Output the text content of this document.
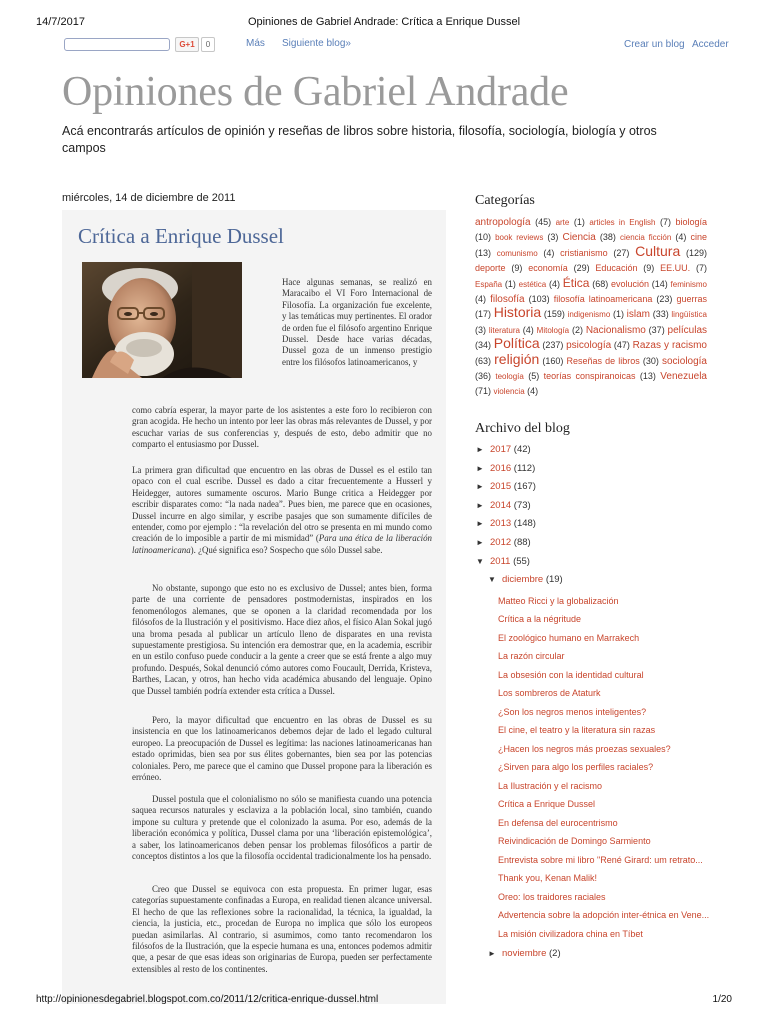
14/7/2017	Opiniones de Gabriel Andrade: Crítica a Enrique Dussel
G+1	0	Más Siguiente blog»	Crear un blog Acceder
Opiniones de Gabriel Andrade
Acá encontrarás artículos de opinión y reseñas de libros sobre historia, filosofía, sociología, biología y otros campos
miércoles, 14 de diciembre de 2011
Crítica a Enrique Dussel

Hace algunas semanas, se realizó en Maracaibo el VI Foro Internacional de Filosofía. La organización fue excelente, y las temáticas muy pertinentes. El orador de orden fue el filósofo argentino Enrique Dussel. Desde hace varias décadas, Dussel goza de un inmenso prestigio entre los filósofos latinoamericanos, y

como cabría esperar, la mayor parte de los asistentes a este foro lo recibieron con gran acogida. He hecho un intento por leer las obras más relevantes de Dussel, y por escuchar varias de sus conferencias y, después de esto, debo admitir que no comparto el entusiasmo por Dussel.

La primera gran dificultad que encuentro en las obras de Dussel es el estilo tan opaco con el cual escribe. Dussel es dado a citar frecuentemente a Husserl y Heidegger, autores sumamente oscuros. Mario Bunge critica a Heidegger por escribir disparates como: “la nada nadea”. Pues bien, me parece que en ocasiones, Dussel incurre en algo similar, y escribe pasajes que son sumamente difíciles de entender, como por ejemplo : “la revelación del otro se presenta en mi mundo como creación de lo imposible a partir de mi mismidad” (Para una ética de la liberación latinoamericana). ¿Qué significa eso? Sospecho que sólo Dussel sabe.

No obstante, supongo que esto no es exclusivo de Dussel; antes bien, forma parte de una corriente de pensadores postmodernistas, inspirados en los fenomenólogos alemanes, que se oponen a la claridad recomendada por los filósofos de la Ilustración y el positivismo. Hace diez años, el físico Alan Sokal jugó una broma pesada al publicar un artículo lleno de disparates en una revista supuestamente prestigiosa. Su intención era demostrar que, en la academia, escribir en un estilo confuso puede conducir a la gente a creer que se está frente a algo muy profundo. Después, Sokal denunció cómo autores como Foucault, Derrida, Kristeva, Barthes, Lacan, y otros, han hecho vida académica abusando del lenguaje. Opino que Dussel también podría extender esta crítica a Dussel.

Pero, la mayor dificultad que encuentro en las obras de Dussel es su insistencia en que los latinoamericanos debemos dejar de lado el legado cultural europeo. La preocupación de Dussel es legítima: las naciones latinoamericanas han estado oprimidas, bien sea por sus élites gobernantes, bien sea por las potencias coloniales. Pero, me parece que el camino que Dussel propone para la liberación es erróneo.

Dussel postula que el colonialismo no sólo se manifiesta cuando una potencia saquea recursos naturales y esclaviza a la población local, sino también, cuando impone su cultura y pretende que el colonizado la asuma. Por eso, además de la liberación económica y política, Dussel clama por una ‘liberación epistemológica’, a saber, los latinoamericanos deben pensar los problemas filosóficos a partir de conceptos distintos a los que la filosofía occidental tradicionalmente los ha pensado.

Creo que Dussel se equivoca con esta propuesta. En primer lugar, esas categorías supuestamente confinadas a Europa, en realidad tienen alcance universal. El hecho de que las reflexiones sobre la racionalidad, la técnica, la igualdad, la ciencia, la justicia, etc., procedan de Europa no implica que sólo los europeos puedan asimilarlas. Al contrario, si asumimos, como tanto recomendaron los filósofos de la Ilustración, que la especie humana es una, entonces podemos admitir que, a pesar de que esas ideas son originarias de Europa, pueden ser perfectamente extensibles al resto de los continentes.

Categorías
antropología (45) arte (1) articles in English (7) biología (10) book reviews (3) Ciencia (38) ciencia ficción (4) cine (13) comunismo (4) cristianismo (27) Cultura (129) deporte (9) economía (29) Educación (9) EE.UU. (7) España (1) estética (4) Ética (68) evolución (14) feminismo (4) filosofía (103) filosofía latinoamericana (23) guerras (17) Historia (159) indigenismo (1) islam (33) lingüística (3) literatura (4) Mitología (2) Nacionalismo (37) películas (34) Política (237) psicología (47) Razas y racismo (63) religión (160) Reseñas de libros (30) sociología (36) teología (5) teorías conspiranoicas (13) Venezuela (71) violencia (4)
Archivo del blog
► 2017 (42)
► 2016 (112)
► 2015 (167)
► 2014 (73)
► 2013 (148)
► 2012 (88)
▼ 2011 (55)
▼ diciembre (19)
Matteo Ricci y la globalización
Crítica a la négritude
El zoológico humano en Marrakech
La razón circular
La obsesión con la identidad cultural
Los sombreros de Ataturk
¿Son los negros menos inteligentes?
El cine, el teatro y la literatura sin razas
¿Hacen los negros más proezas sexuales?
¿Sirven para algo los perfiles raciales?
La Ilustración y el racismo
Crítica a Enrique Dussel
En defensa del eurocentrismo
Reivindicación de Domingo Sarmiento
Entrevista sobre mi libro "René Girard: um retrato...
Thank you, Kenan Malik!
Oreo: los traidores raciales
Advertencia sobre la adopción inter-étnica en Vene...
La misión civilizadora china en Tíbet
► noviembre (2)
http://opinionesdegabriel.blogspot.com.co/2011/12/critica-enrique-dussel.html	1/20
